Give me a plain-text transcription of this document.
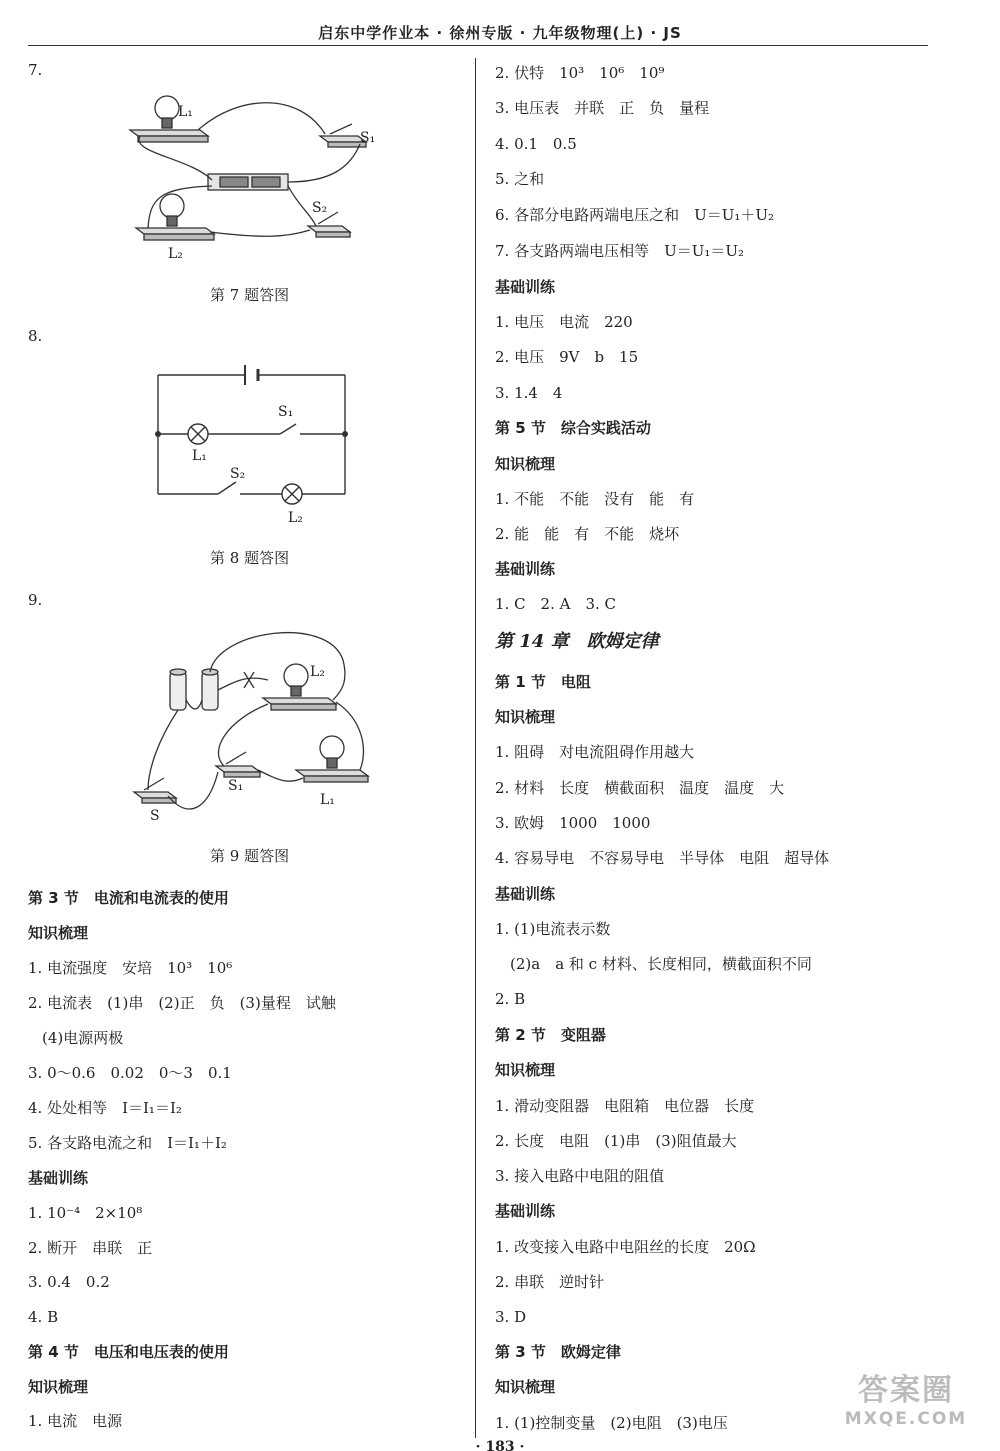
启东中学作业本 · 徐州专版 · 九年级物理(上) · JS
7.
L₁
S₁
S₂
L₂
第 7 题答图
8.
S₁
L₁
S₂
L₂
第 8 题答图
9.
L₂
S₁
L₁
S
第 9 题答图
第 3 节　电流和电流表的使用
知识梳理
1. 电流强度　安培　10³　10⁶
2. 电流表　(1)串　(2)正　负　(3)量程　试触
(4)电源两极
3. 0～0.6　0.02　0～3　0.1
4. 处处相等　I＝I₁＝I₂
5. 各支路电流之和　I＝I₁＋I₂
基础训练
1. 10⁻⁴　2×10⁸
2. 断开　串联　正
3. 0.4　0.2
4. B
第 4 节　电压和电压表的使用
知识梳理
1. 电流　电源
2. 伏特　10³　10⁶　10⁹
3. 电压表　并联　正　负　量程
4. 0.1　0.5
5. 之和
6. 各部分电路两端电压之和　U＝U₁＋U₂
7. 各支路两端电压相等　U＝U₁＝U₂
基础训练
1. 电压　电流　220
2. 电压　9V　b　15
3. 1.4　4
第 5 节　综合实践活动
知识梳理
1. 不能　不能　没有　能　有
2. 能　能　有　不能　烧坏
基础训练
1. C　2. A　3. C
第 14 章　欧姆定律
第 1 节　电阻
知识梳理
1. 阻碍　对电流阻碍作用越大
2. 材料　长度　横截面积　温度　温度　大
3. 欧姆　1000　1000
4. 容易导电　不容易导电　半导体　电阻　超导体
基础训练
1. (1)电流表示数
(2)a　a 和 c 材料、长度相同，横截面积不同
2. B
第 2 节　变阻器
知识梳理
1. 滑动变阻器　电阻箱　电位器　长度
2. 长度　电阻　(1)串　(3)阻值最大
3. 接入电路中电阻的阻值
基础训练
1. 改变接入电路中电阻丝的长度　20Ω
2. 串联　逆时针
3. D
第 3 节　欧姆定律
知识梳理
1. (1)控制变量　(2)电阻　(3)电压
· 183 ·
答案圈
MXQE.COM
